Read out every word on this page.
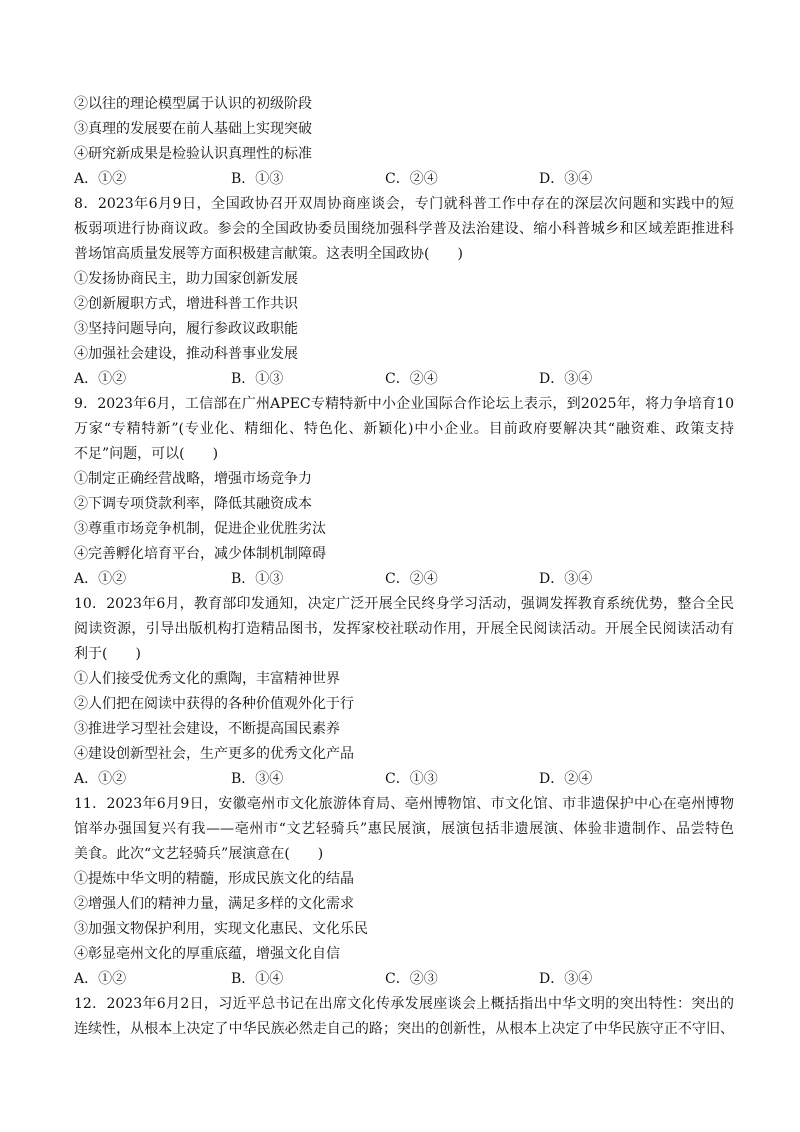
②以往的理论模型属于认识的初级阶段
③真理的发展要在前人基础上实现突破
④研究新成果是检验认识真理性的标准
A．①②	B．①③	C．②④	D．③④
8．2023年6月9日，全国政协召开双周协商座谈会，专门就科普工作中存在的深层次问题和实践中的短
板弱项进行协商议政。参会的全国政协委员围绕加强科学普及法治建设、缩小科普城乡和区域差距推进科
普场馆高质量发展等方面积极建言献策。这表明全国政协(　　)
①发扬协商民主，助力国家创新发展
②创新履职方式，增进科普工作共识
③坚持问题导向，履行参政议政职能
④加强社会建设，推动科普事业发展
A．①②	B．①③	C．②④	D．③④
9．2023年6月，工信部在广州APEC专精特新中小企业国际合作论坛上表示，到2025年，将力争培育10
万家“专精特新”(专业化、精细化、特色化、新颖化)中小企业。目前政府要解决其“融资难、政策支持
不足”问题，可以(　　)
①制定正确经营战略，增强市场竞争力
②下调专项贷款利率，降低其融资成本
③尊重市场竞争机制，促进企业优胜劣汰
④完善孵化培育平台，减少体制机制障碍
A．①②	B．①③	C．②④	D．③④
10．2023年6月，教育部印发通知，决定广泛开展全民终身学习活动，强调发挥教育系统优势，整合全民
阅读资源，引导出版机构打造精品图书，发挥家校社联动作用，开展全民阅读活动。开展全民阅读活动有
利于(　　)
①人们接受优秀文化的熏陶，丰富精神世界
②人们把在阅读中获得的各种价值观外化于行
③推进学习型社会建设，不断提高国民素养
④建设创新型社会，生产更多的优秀文化产品
A．①②	B．③④	C．①③	D．②④
11．2023年6月9日，安徽亳州市文化旅游体育局、亳州博物馆、市文化馆、市非遗保护中心在亳州博物
馆举办强国复兴有我——亳州市“文艺轻骑兵”惠民展演，展演包括非遗展演、体验非遗制作、品尝特色
美食。此次“文艺轻骑兵”展演意在(　　)
①提炼中华文明的精髓，形成民族文化的结晶
②增强人们的精神力量，满足多样的文化需求
③加强文物保护利用，实现文化惠民、文化乐民
④彰显亳州文化的厚重底蕴，增强文化自信
A．①②	B．①④	C．②③	D．③④
12．2023年6月2日，习近平总书记在出席文化传承发展座谈会上概括指出中华文明的突出特性：突出的
连续性，从根本上决定了中华民族必然走自己的路；突出的创新性，从根本上决定了中华民族守正不守旧、
